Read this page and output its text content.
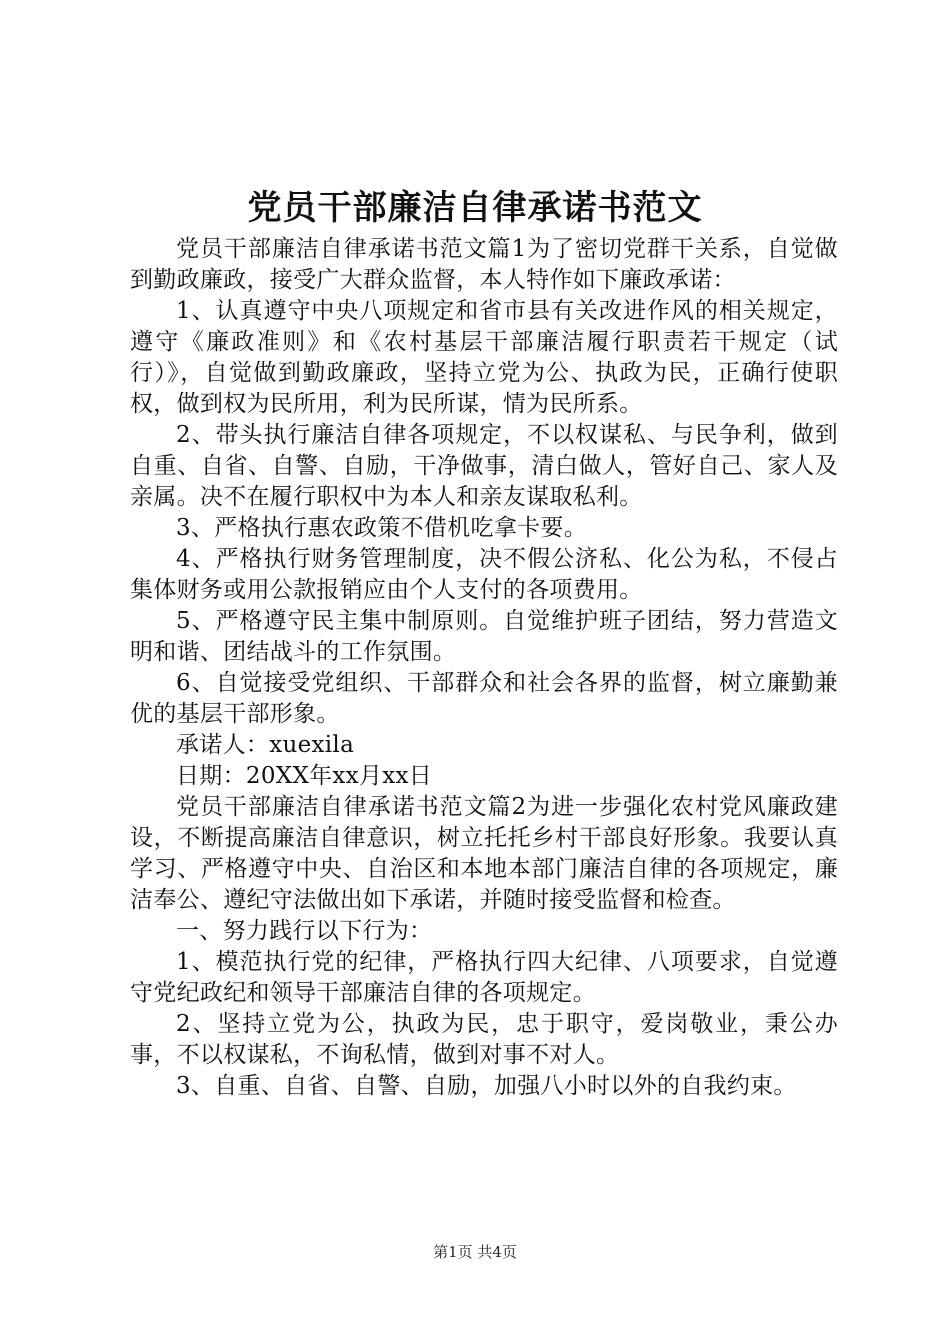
党员干部廉洁自律承诺书范文

党员干部廉洁自律承诺书范文篇1为了密切党群干关系，自觉做到勤政廉政，接受广大群众监督，本人特作如下廉政承诺：

1、认真遵守中央八项规定和省市县有关改进作风的相关规定，遵守《廉政准则》和《农村基层干部廉洁履行职责若干规定（试行）》，自觉做到勤政廉政，坚持立党为公、执政为民，正确行使职权，做到权为民所用，利为民所谋，情为民所系。

2、带头执行廉洁自律各项规定，不以权谋私、与民争利，做到自重、自省、自警、自励，干净做事，清白做人，管好自己、家人及亲属。决不在履行职权中为本人和亲友谋取私利。

3、严格执行惠农政策不借机吃拿卡要。

4、严格执行财务管理制度，决不假公济私、化公为私，不侵占集体财务或用公款报销应由个人支付的各项费用。

5、严格遵守民主集中制原则。自觉维护班子团结，努力营造文明和谐、团结战斗的工作氛围。

6、自觉接受党组织、干部群众和社会各界的监督，树立廉勤兼优的基层干部形象。

承诺人：xuexila

日期：20XX年xx月xx日

党员干部廉洁自律承诺书范文篇2为进一步强化农村党风廉政建设，不断提高廉洁自律意识，树立托托乡村干部良好形象。我要认真学习、严格遵守中央、自治区和本地本部门廉洁自律的各项规定，廉洁奉公、遵纪守法做出如下承诺，并随时接受监督和检查。

一、努力践行以下行为：

1、模范执行党的纪律，严格执行四大纪律、八项要求，自觉遵守党纪政纪和领导干部廉洁自律的各项规定。

2、坚持立党为公，执政为民，忠于职守，爱岗敬业，秉公办事，不以权谋私，不询私情，做到对事不对人。

3、自重、自省、自警、自励，加强八小时以外的自我约束。

第1页 共4页
